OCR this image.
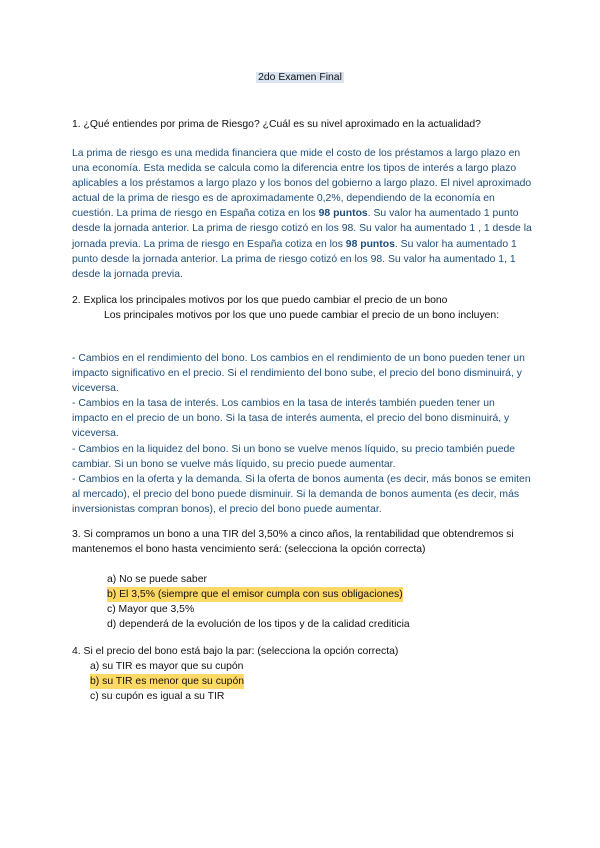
2do Examen Final

1. ¿Qué entiendes por prima de Riesgo? ¿Cuál es su nivel aproximado en la actualidad?

La prima de riesgo es una medida financiera que mide el costo de los préstamos a largo plazo en una economía. Esta medida se calcula como la diferencia entre los tipos de interés a largo plazo aplicables a los préstamos a largo plazo y los bonos del gobierno a largo plazo. El nivel aproximado actual de la prima de riesgo es de aproximadamente 0,2%, dependiendo de la economía en cuestión. La prima de riesgo en España cotiza en los 98 puntos. Su valor ha aumentado 1 punto desde la jornada anterior. La prima de riesgo cotizó en los 98. Su valor ha aumentado 1 , 1 desde la jornada previa. La prima de riesgo en España cotiza en los 98 puntos. Su valor ha aumentado 1 punto desde la jornada anterior. La prima de riesgo cotizó en los 98. Su valor ha aumentado 1, 1 desde la jornada previa.

2. Explica los principales motivos por los que puedo cambiar el precio de un bono

Los principales motivos por los que uno puede cambiar el precio de un bono incluyen:

- Cambios en el rendimiento del bono. Los cambios en el rendimiento de un bono pueden tener un impacto significativo en el precio. Si el rendimiento del bono sube, el precio del bono disminuirá, y viceversa.

- Cambios en la tasa de interés. Los cambios en la tasa de interés también pueden tener un impacto en el precio de un bono. Si la tasa de interés aumenta, el precio del bono disminuirá, y viceversa.

- Cambios en la liquidez del bono. Si un bono se vuelve menos líquido, su precio también puede cambiar. Si un bono se vuelve más líquido, su precio puede aumentar.

- Cambios en la oferta y la demanda. Si la oferta de bonos aumenta (es decir, más bonos se emiten al mercado), el precio del bono puede disminuir. Si la demanda de bonos aumenta (es decir, más inversionistas compran bonos), el precio del bono puede aumentar.

3. Si compramos un bono a una TIR del 3,50% a cinco años, la rentabilidad que obtendremos si mantenemos el bono hasta vencimiento será: (selecciona la opción correcta)

a) No se puede saber
b) El 3,5% (siempre que el emisor cumpla con sus obligaciones)
c) Mayor que 3,5%
d) dependerá de la evolución de los tipos y de la calidad crediticia

4. Si el precio del bono está bajo la par: (selecciona la opción correcta)

a) su TIR es mayor que su cupón
b) su TIR es menor que su cupón
c) su cupón es igual a su TIR
